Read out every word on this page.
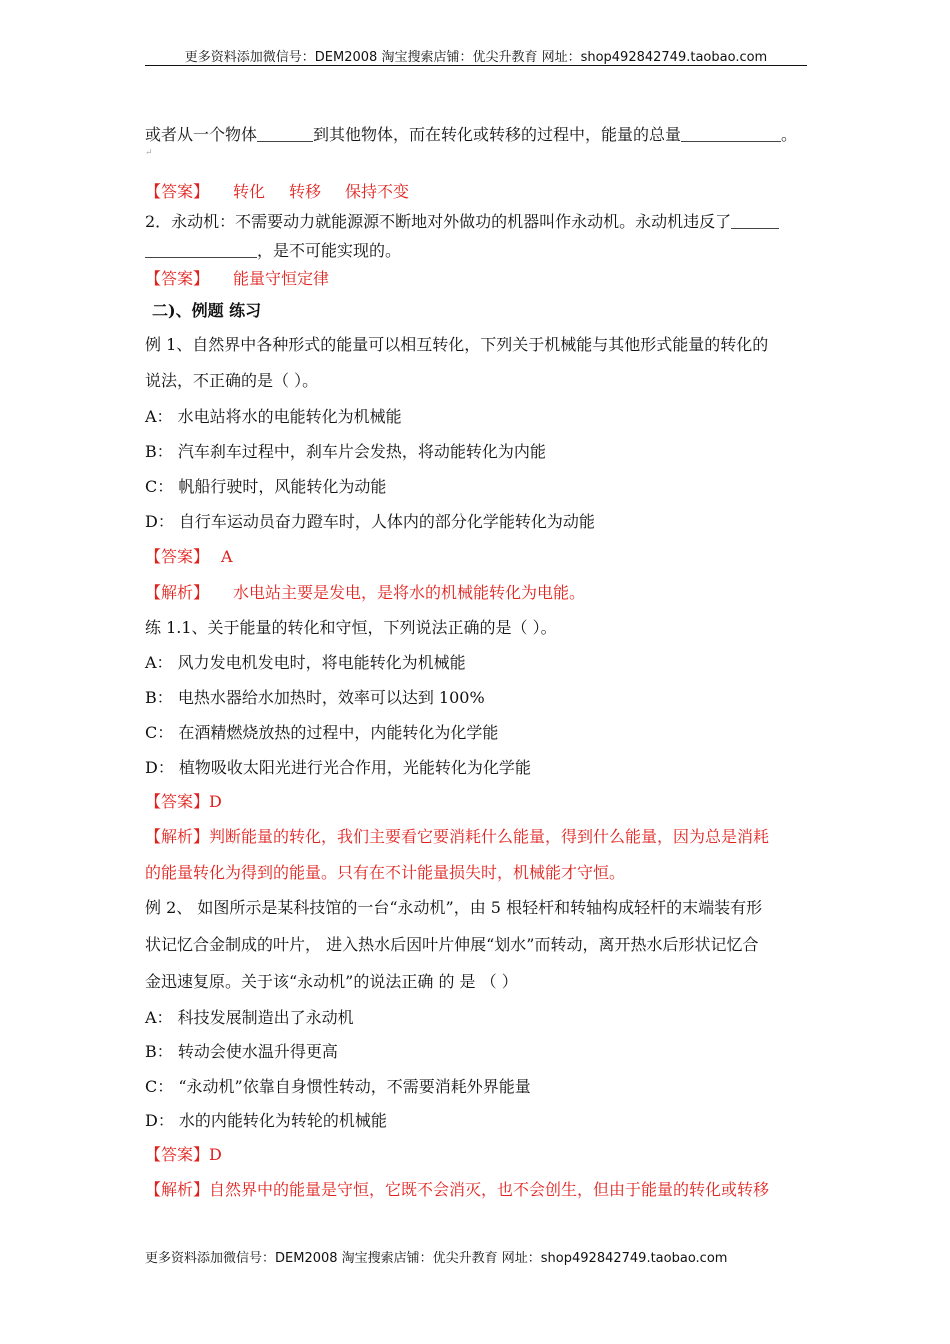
更多资料添加微信号：DEM2008 淘宝搜索店铺：优尖升教育 网址：shop492842749.taobao.com
或者从一个物体	到其他物体，而在转化或转移的过程中，能量的总量	。
↵
【答案】 转化 转移 保持不变
2．永动机：不需要动力就能源源不断地对外做功的机器叫作永动机。永动机违反了
，是不可能实现的。
【答案】 能量守恒定律
二)、例题 练习
例 1、自然界中各种形式的能量可以相互转化，下列关于机械能与其他形式能量的转化的
说法，不正确的是（ ）。
A： 水电站将水的电能转化为机械能
B： 汽车刹车过程中，刹车片会发热，将动能转化为内能
C： 帆船行驶时，风能转化为动能
D： 自行车运动员奋力蹬车时，人体内的部分化学能转化为动能
【答案】 A
【解析】 水电站主要是发电，是将水的机械能转化为电能。
练 1.1、关于能量的转化和守恒，下列说法正确的是（ ）。
A： 风力发电机发电时，将电能转化为机械能
B： 电热水器给水加热时，效率可以达到 100%
C： 在酒精燃烧放热的过程中，内能转化为化学能
D： 植物吸收太阳光进行光合作用，光能转化为化学能
【答案】D
【解析】判断能量的转化，我们主要看它要消耗什么能量，得到什么能量，因为总是消耗
的能量转化为得到的能量。只有在不计能量损失时，机械能才守恒。
例 2、 如图所示是某科技馆的一台“永动机”，由 5 根轻杆和转轴构成轻杆的末端装有形
状记忆合金制成的叶片， 进入热水后因叶片伸展“划水”而转动，离开热水后形状记忆合
金迅速复原。关于该“永动机”的说法正确 的 是 （ ）
A： 科技发展制造出了永动机
B： 转动会使水温升得更高
C： “永动机”依靠自身惯性转动，不需要消耗外界能量
D： 水的内能转化为转轮的机械能
【答案】D
【解析】自然界中的能量是守恒，它既不会消灭，也不会创生，但由于能量的转化或转移
更多资料添加微信号：DEM2008 淘宝搜索店铺：优尖升教育 网址：shop492842749.taobao.com
